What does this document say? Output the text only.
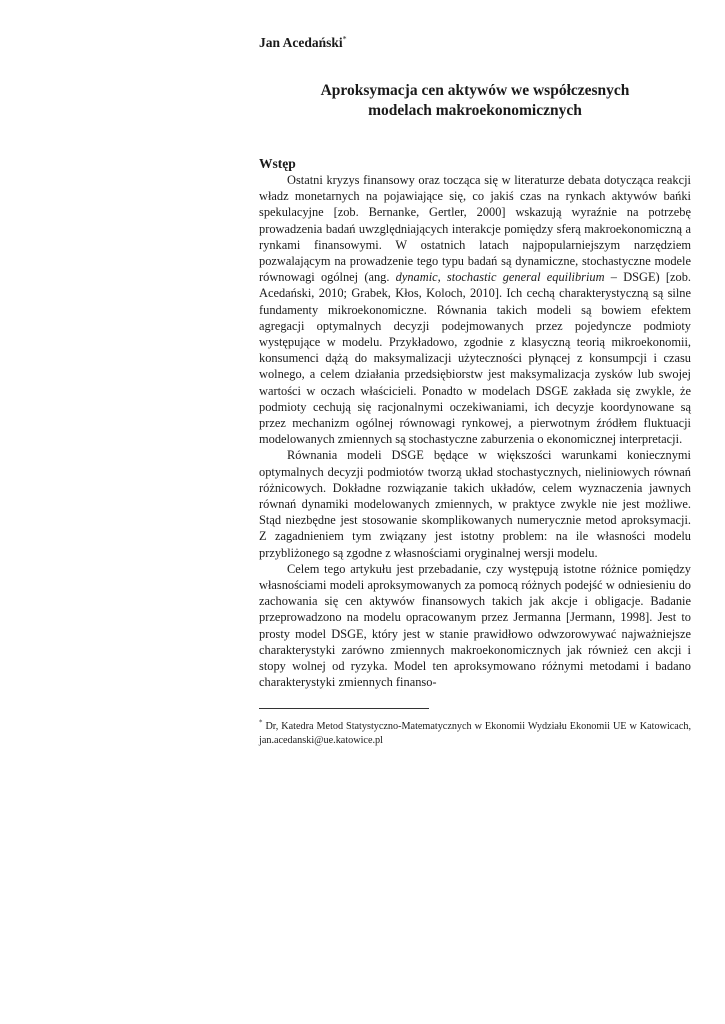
Jan Acedański*

Aproksymacja cen aktywów we współczesnych
modelach makroekonomicznych
Wstęp

Ostatni kryzys finansowy oraz tocząca się w literaturze debata dotycząca reakcji władz monetarnych na pojawiające się, co jakiś czas na rynkach aktywów bańki spekulacyjne [zob. Bernanke, Gertler, 2000] wskazują wyraźnie na potrzebę prowadzenia badań uwzględniających interakcje pomiędzy sferą makroekonomiczną a rynkami finansowymi. W ostatnich latach najpopularniejszym narzędziem pozwalającym na prowadzenie tego typu badań są dynamiczne, stochastyczne modele równowagi ogólnej (ang. dynamic, stochastic general equilibrium – DSGE) [zob. Acedański, 2010; Grabek, Kłos, Koloch, 2010]. Ich cechą charakterystyczną są silne fundamenty mikroekonomiczne. Równania takich modeli są bowiem efektem agregacji optymalnych decyzji podejmowanych przez pojedyncze podmioty występujące w modelu. Przykładowo, zgodnie z klasyczną teorią mikroekonomii, konsumenci dążą do maksymalizacji użyteczności płynącej z konsumpcji i czasu wolnego, a celem działania przedsiębiorstw jest maksymalizacja zysków lub swojej wartości w oczach właścicieli. Ponadto w modelach DSGE zakłada się zwykle, że podmioty cechują się racjonalnymi oczekiwaniami, ich decyzje koordynowane są przez mechanizm ogólnej równowagi rynkowej, a pierwotnym źródłem fluktuacji modelowanych zmiennych są stochastyczne zaburzenia o ekonomicznej interpretacji.

Równania modeli DSGE będące w większości warunkami koniecznymi optymalnych decyzji podmiotów tworzą układ stochastycznych, nieliniowych równań różnicowych. Dokładne rozwiązanie takich układów, celem wyznaczenia jawnych równań dynamiki modelowanych zmiennych, w praktyce zwykle nie jest możliwe. Stąd niezbędne jest stosowanie skomplikowanych numerycznie metod aproksymacji. Z zagadnieniem tym związany jest istotny problem: na ile własności modelu przybliżonego są zgodne z własnościami oryginalnej wersji modelu.

Celem tego artykułu jest przebadanie, czy występują istotne różnice pomiędzy własnościami modeli aproksymowanych za pomocą różnych podejść w odniesieniu do zachowania się cen aktywów finansowych takich jak akcje i obligacje. Badanie przeprowadzono na modelu opracowanym przez Jermanna [Jermann, 1998]. Jest to prosty model DSGE, który jest w stanie prawidłowo odwzorowywać najważniejsze charakterystyki zarówno zmiennych makroekonomicznych jak również cen akcji i stopy wolnej od ryzyka. Model ten aproksymowano różnymi metodami i badano charakterystyki zmiennych finanso-

* Dr, Katedra Metod Statystyczno-Matematycznych w Ekonomii Wydziału Ekonomii UE w Katowicach, jan.acedanski@ue.katowice.pl
